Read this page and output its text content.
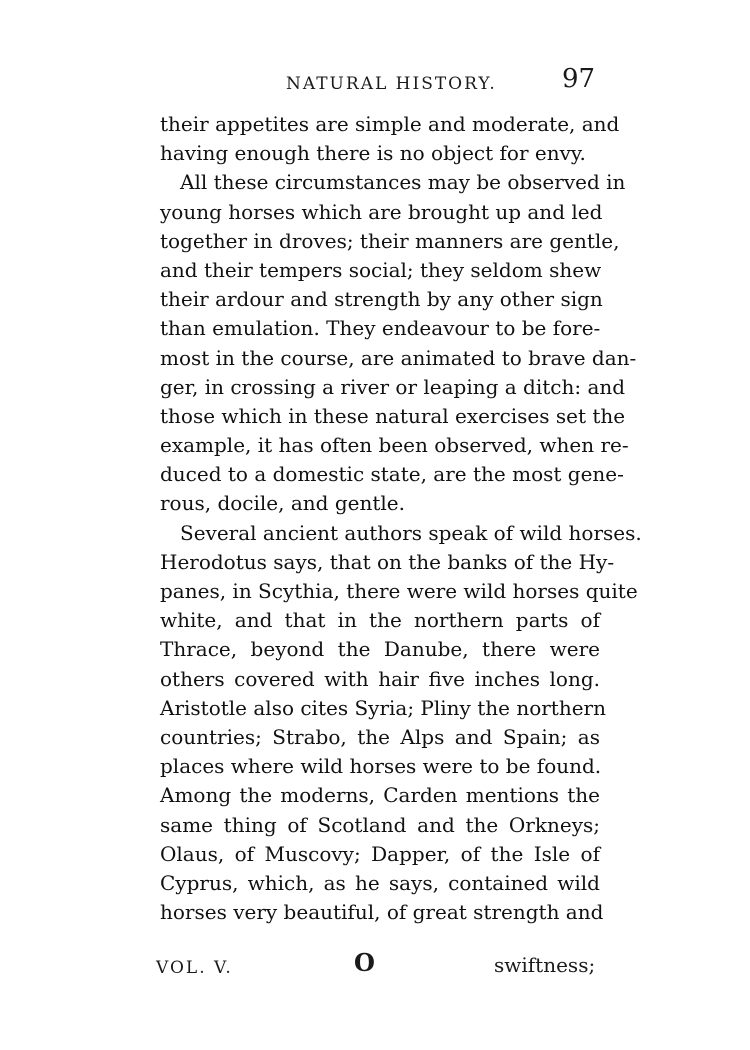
NATURAL HISTORY.	97
their appetites are simple and moderate, and
having enough there is no object for envy.
All these circumstances may be observed in
young horses which are brought up and led
together in droves; their manners are gentle,
and their tempers social; they seldom shew
their ardour and strength by any other sign
than emulation. They endeavour to be fore-
most in the course, are animated to brave dan-
ger, in crossing a river or leaping a ditch: and
those which in these natural exercises set the
example, it has often been observed, when re-
duced to a domestic state, are the most gene-
rous, docile, and gentle.
Several ancient authors speak of wild horses.
Herodotus says, that on the banks of the Hy-
panes, in Scythia, there were wild horses quite
white, and that in the northern parts of
Thrace, beyond the Danube, there were
others covered with hair five inches long.
Aristotle also cites Syria; Pliny the northern
countries; Strabo, the Alps and Spain; as
places where wild horses were to be found.
Among the moderns, Carden mentions the
same thing of Scotland and the Orkneys;
Olaus, of Muscovy; Dapper, of the Isle of
Cyprus, which, as he says, contained wild
horses very beautiful, of great strength and
VOL. V.	O	swiftness;
